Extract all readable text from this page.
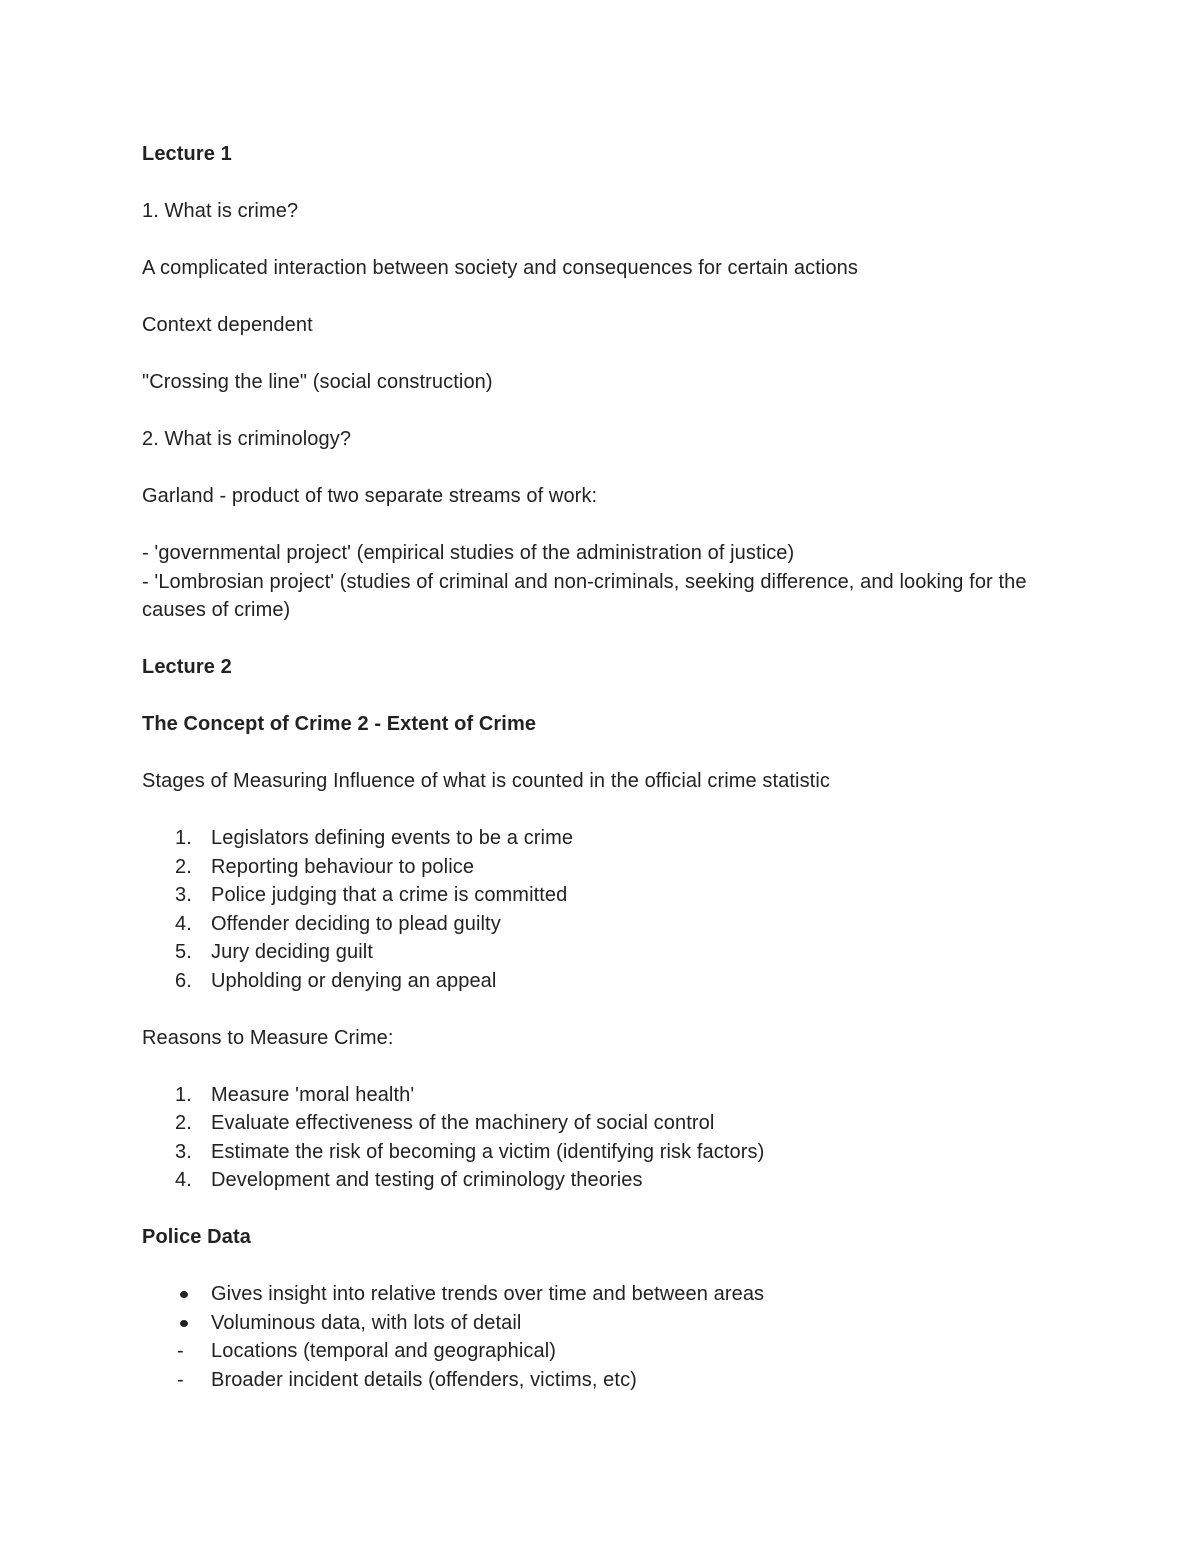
Lecture 1

1. What is crime?

A complicated interaction between society and consequences for certain actions

Context dependent

"Crossing the line" (social construction)

2. What is criminology?

Garland - product of two separate streams of work:

- 'governmental project' (empirical studies of the administration of justice)

- 'Lombrosian project' (studies of criminal and non-criminals, seeking difference, and looking for the causes of crime)

Lecture 2

The Concept of Crime 2 - Extent of Crime

Stages of Measuring Influence of what is counted in the official crime statistic

1. Legislators defining events to be a crime
2. Reporting behaviour to police
3. Police judging that a crime is committed
4. Offender deciding to plead guilty
5. Jury deciding guilt
6. Upholding or denying an appeal

Reasons to Measure Crime:

1. Measure 'moral health'
2. Evaluate effectiveness of the machinery of social control
3. Estimate the risk of becoming a victim (identifying risk factors)
4. Development and testing of criminology theories

Police Data

Gives insight into relative trends over time and between areas
Voluminous data, with lots of detail
- Locations (temporal and geographical)
- Broader incident details (offenders, victims, etc)
